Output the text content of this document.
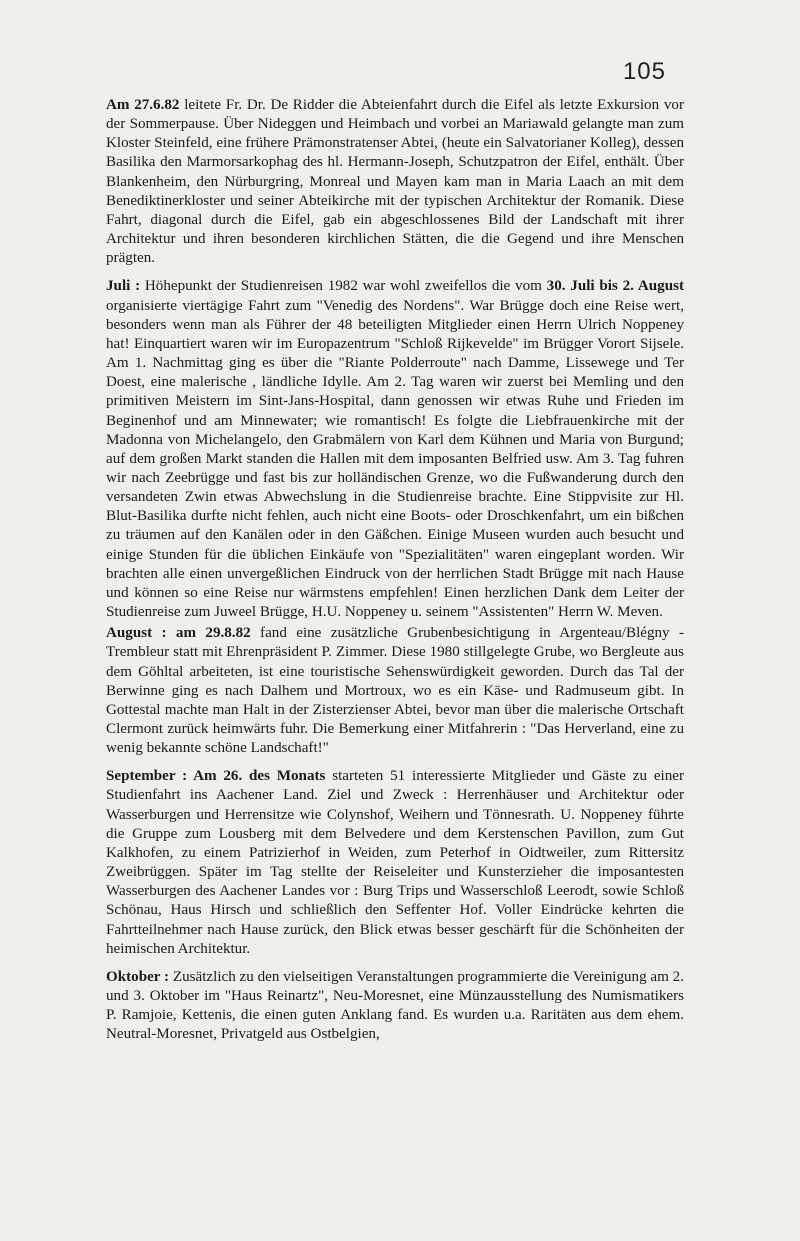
105

Am 27.6.82 leitete Fr. Dr. De Ridder die Abteienfahrt durch die Eifel als letzte Exkursion vor der Sommerpause. Über Nideggen und Heimbach und vorbei an Mariawald gelangte man zum Kloster Steinfeld, eine frühere Prämonstratenser Abtei, (heute ein Salvatorianer Kolleg), dessen Basilika den Marmorsarkophag des hl. Hermann-Joseph, Schutzpatron der Eifel, enthält. Über Blankenheim, den Nürburgring, Monreal und Mayen kam man in Maria Laach an mit dem Benediktinerkloster und seiner Abteikirche mit der typischen Architektur der Romanik. Diese Fahrt, diagonal durch die Eifel, gab ein abgeschlossenes Bild der Landschaft mit ihrer Architektur und ihren besonderen kirchlichen Stätten, die die Gegend und ihre Menschen prägten.

Juli : Höhepunkt der Studienreisen 1982 war wohl zweifellos die vom 30. Juli bis 2. August organisierte viertägige Fahrt zum "Venedig des Nordens". War Brügge doch eine Reise wert, besonders wenn man als Führer der 48 beteiligten Mitglieder einen Herrn Ulrich Noppeney hat! Einquartiert waren wir im Europazentrum "Schloß Rijkevelde" im Brügger Vorort Sijsele. Am 1. Nachmittag ging es über die "Riante Polderroute" nach Damme, Lissewege und Ter Doest, eine malerische , ländliche Idylle. Am 2. Tag waren wir zuerst bei Memling und den primitiven Meistern im Sint-Jans-Hospital, dann genossen wir etwas Ruhe und Frieden im Beginenhof und am Minnewater; wie romantisch! Es folgte die Liebfrauenkirche mit der Madonna von Michelangelo, den Grabmälern von Karl dem Kühnen und Maria von Burgund; auf dem großen Markt standen die Hallen mit dem imposanten Belfried usw. Am 3. Tag fuhren wir nach Zeebrügge und fast bis zur holländischen Grenze, wo die Fußwanderung durch den versandeten Zwin etwas Abwechslung in die Studienreise brachte. Eine Stippvisite zur Hl. Blut-Basilika durfte nicht fehlen, auch nicht eine Boots- oder Droschkenfahrt, um ein bißchen zu träumen auf den Kanälen oder in den Gäßchen. Einige Museen wurden auch besucht und einige Stunden für die üblichen Einkäufe von "Spezialitäten" waren eingeplant worden. Wir brachten alle einen unvergeßlichen Eindruck von der herrlichen Stadt Brügge mit nach Hause und können so eine Reise nur wärmstens empfehlen! Einen herzlichen Dank dem Leiter der Studienreise zum Juweel Brügge, H.U. Noppeney u. seinem "Assistenten" Herrn W. Meven.

August : am 29.8.82 fand eine zusätzliche Grubenbesichtigung in Argenteau/Blégny - Trembleur statt mit Ehrenpräsident P. Zimmer. Diese 1980 stillgelegte Grube, wo Bergleute aus dem Göhltal arbeiteten, ist eine touristische Sehenswürdigkeit geworden. Durch das Tal der Berwinne ging es nach Dalhem und Mortroux, wo es ein Käse- und Radmuseum gibt. In Gottestal machte man Halt in der Zisterzienser Abtei, bevor man über die malerische Ortschaft Clermont zurück heimwärts fuhr. Die Bemerkung einer Mitfahrerin : "Das Herverland, eine zu wenig bekannte schöne Landschaft!"

September : Am 26. des Monats starteten 51 interessierte Mitglieder und Gäste zu einer Studienfahrt ins Aachener Land. Ziel und Zweck : Herrenhäuser und Architektur oder Wasserburgen und Herrensitze wie Colynshof, Weihern und Tönnesrath. U. Noppeney führte die Gruppe zum Lousberg mit dem Belvedere und dem Kerstenschen Pavillon, zum Gut Kalkhofen, zu einem Patrizierhof in Weiden, zum Peterhof in Oidtweiler, zum Rittersitz Zweibrüggen. Später im Tag stellte der Reiseleiter und Kunsterzieher die imposantesten Wasserburgen des Aachener Landes vor : Burg Trips und Wasserschloß Leerodt, sowie Schloß Schönau, Haus Hirsch und schließlich den Seffenter Hof. Voller Eindrücke kehrten die Fahrtteilnehmer nach Hause zurück, den Blick etwas besser geschärft für die Schönheiten der heimischen Architektur.

Oktober : Zusätzlich zu den vielseitigen Veranstaltungen programmierte die Vereinigung am 2. und 3. Oktober im "Haus Reinartz", Neu-Moresnet, eine Münzausstellung des Numismatikers P. Ramjoie, Kettenis, die einen guten Anklang fand. Es wurden u.a. Raritäten aus dem ehem. Neutral-Moresnet, Privatgeld aus Ostbelgien,
